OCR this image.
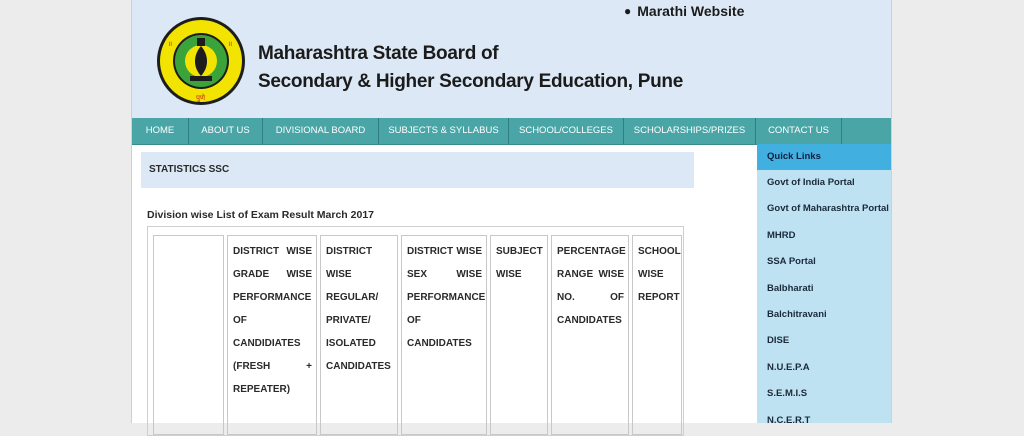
॥	॥
पुणे
● Marathi Website
Maharashtra State Board of
Secondary & Higher Secondary Education, Pune
HOME	ABOUT US	DIVISIONAL BOARD	SUBJECTS & SYLLABUS	SCHOOL/COLLEGES	SCHOLARSHIPS/PRIZES	CONTACT US
STATISTICS SSC
Division wise List of Exam Result March 2017
DISTRICT WISE GRADE WISE PERFORMANCE OF CANDIDIATES (FRESH + REPEATER)
DISTRICT WISE REGULAR/ PRIVATE/ ISOLATED CANDIDATES
DISTRICT WISE SEX WISE PERFORMANCE OF CANDIDATES
SUBJECT WISE
PERCENTAGE RANGE WISE NO. OF CANDIDATES
SCHOOL WISE REPORT
Quick Links
Govt of India Portal
Govt of Maharashtra Portal
MHRD
SSA Portal
Balbharati
Balchitravani
DISE
N.U.E.P.A
S.E.M.I.S
N.C.E.R.T
